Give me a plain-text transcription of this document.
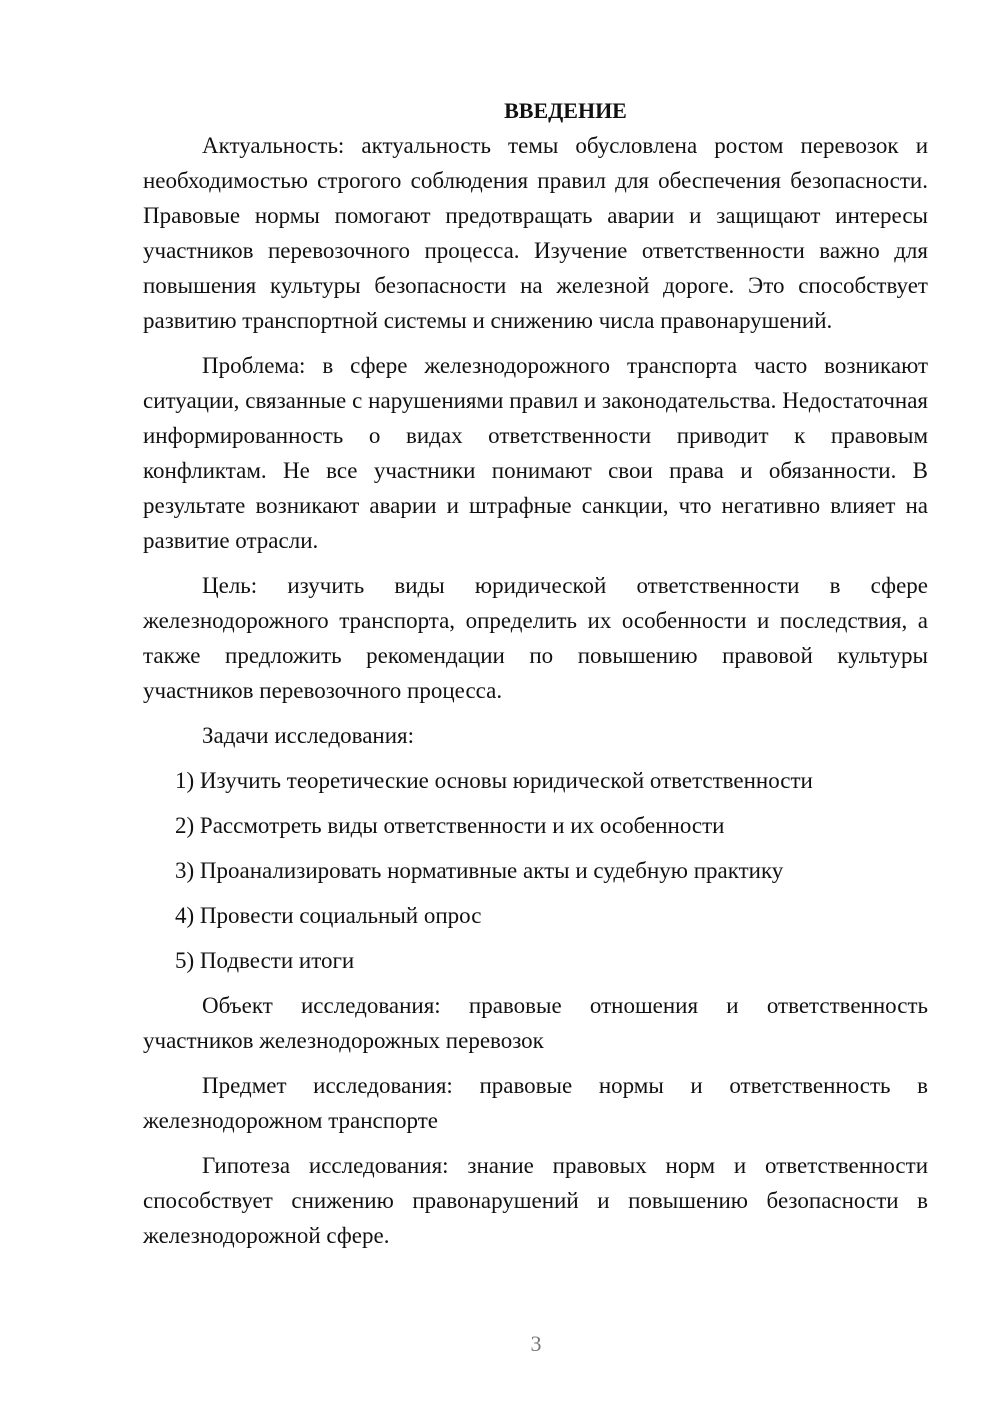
ВВЕДЕНИЕ

Актуальность: актуальность темы обусловлена ростом перевозок и необходимостью строгого соблюдения правил для обеспечения безопасности. Правовые нормы помогают предотвращать аварии и защищают интересы участников перевозочного процесса. Изучение ответственности важно для повышения культуры безопасности на железной дороге. Это способствует развитию транспортной системы и снижению числа правонарушений.

Проблема: в сфере железнодорожного транспорта часто возникают ситуации, связанные с нарушениями правил и законодательства. Недостаточная информированность о видах ответственности приводит к правовым конфликтам. Не все участники понимают свои права и обязанности. В результате возникают аварии и штрафные санкции, что негативно влияет на развитие отрасли.

Цель: изучить виды юридической ответственности в сфере железнодорожного транспорта, определить их особенности и последствия, а также предложить рекомендации по повышению правовой культуры участников перевозочного процесса.

Задачи исследования:

1) Изучить теоретические основы юридической ответственности
2) Рассмотреть виды ответственности и их особенности
3) Проанализировать нормативные акты и судебную практику
4) Провести социальный опрос
5) Подвести итоги

Объект исследования: правовые отношения и ответственность участников железнодорожных перевозок

Предмет исследования: правовые нормы и ответственность в железнодорожном транспорте

Гипотеза исследования: знание правовых норм и ответственности способствует снижению правонарушений и повышению безопасности в железнодорожной сфере.

3
